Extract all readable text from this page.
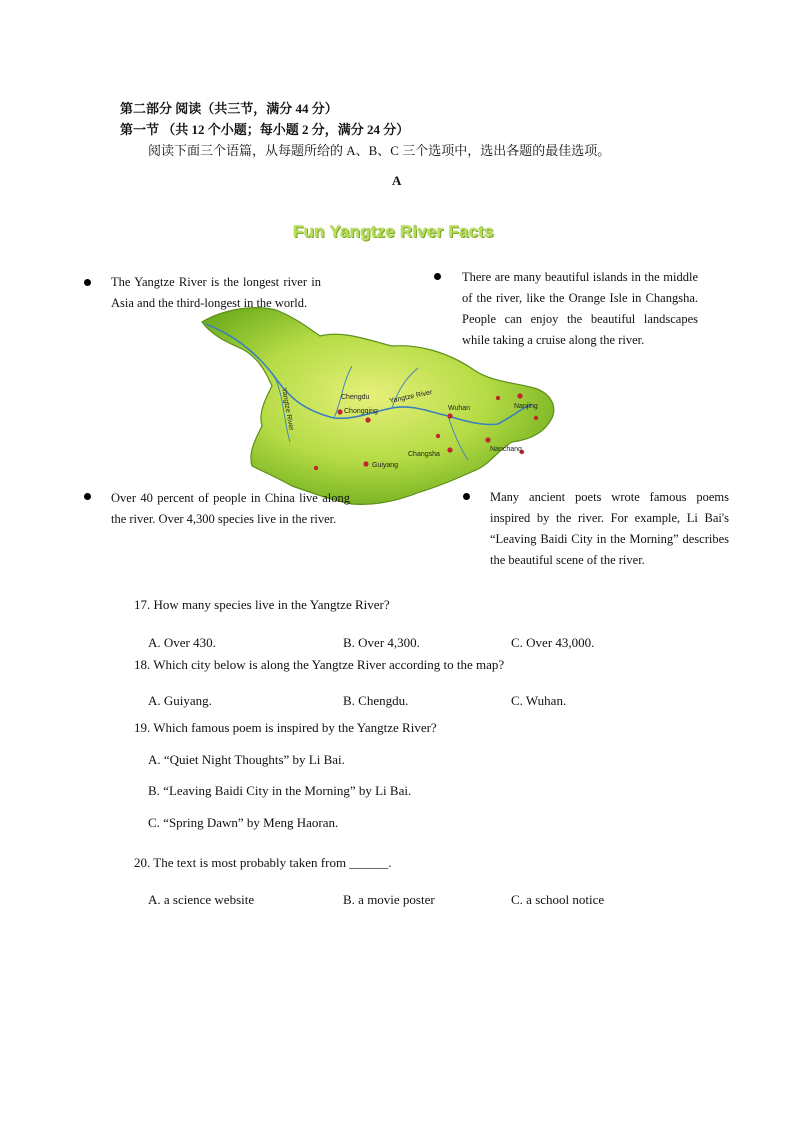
第二部分 阅读（共三节，满分 44 分）
第一节 （共 12 个小题；每小题 2 分，满分 24 分）
阅读下面三个语篇，从每题所给的 A、B、C 三个选项中，选出各题的最佳选项。
A
Fun Yangtze River Facts
Yangtze River	Yangtze River
Chengdu
Chongqing	Wuhan	Nanjing
Changsha
Guiyang
Nanchang
The Yangtze River is the longest river in Asia and the third-longest in the world.
There are many beautiful islands in the middle of the river, like the Orange Isle in Changsha. People can enjoy the beautiful landscapes while taking a cruise along the river.
Over 40 percent of people in China live along the river. Over 4,300 species live in the river.
Many ancient poets wrote famous poems inspired by the river. For example, Li Bai's “Leaving Baidi City in the Morning” describes the beautiful scene of the river.
17. How many species live in the Yangtze River?
A. Over 430.	B. Over 4,300.	C. Over 43,000.
18. Which city below is along the Yangtze River according to the map?
A. Guiyang.	B. Chengdu.	C. Wuhan.
19. Which famous poem is inspired by the Yangtze River?
A. “Quiet Night Thoughts” by Li Bai.
B. “Leaving Baidi City in the Morning” by Li Bai.
C. “Spring Dawn” by Meng Haoran.
20. The text is most probably taken from ______.
A. a science website	B. a movie poster	C. a school notice
